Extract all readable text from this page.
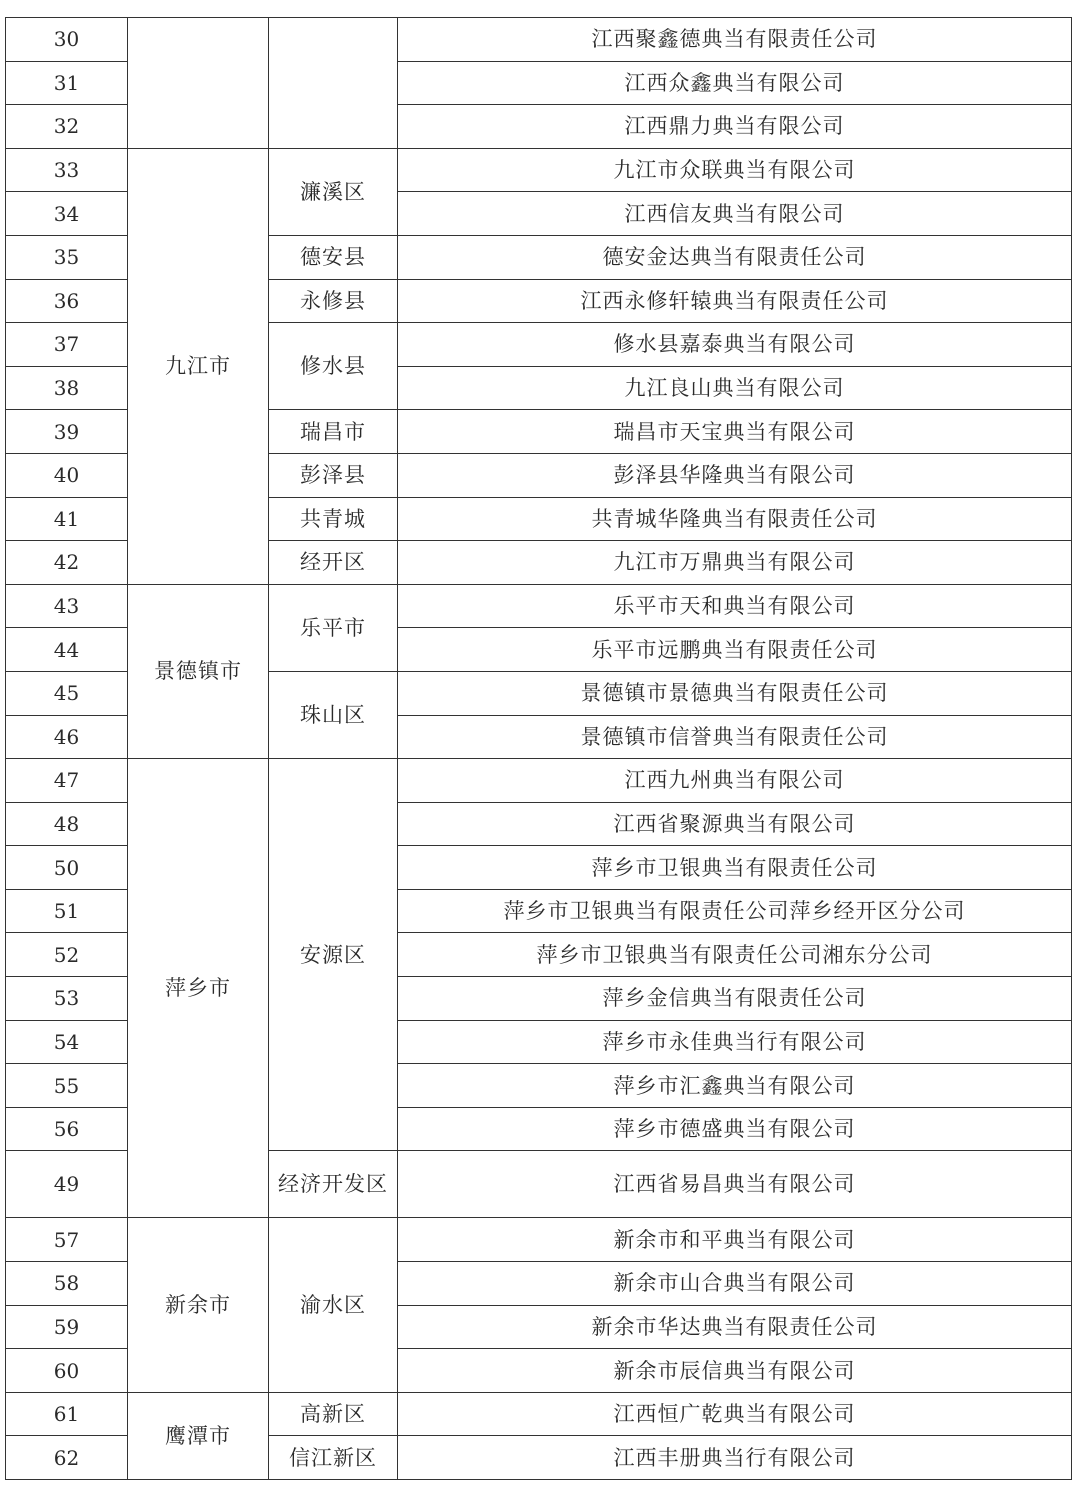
30			江西聚鑫德典当有限责任公司
31			江西众鑫典当有限公司
32			江西鼎力典当有限公司
33	九江市	濂溪区	九江市众联典当有限公司
34			江西信友典当有限公司
35		德安县	德安金达典当有限责任公司
36		永修县	江西永修轩辕典当有限责任公司
37		修水县	修水县嘉泰典当有限公司
38			九江良山典当有限公司
39		瑞昌市	瑞昌市天宝典当有限公司
40		彭泽县	彭泽县华隆典当有限公司
41		共青城	共青城华隆典当有限责任公司
42		经开区	九江市万鼎典当有限公司
43	景德镇市	乐平市	乐平市天和典当有限公司
44			乐平市远鹏典当有限责任公司
45		珠山区	景德镇市景德典当有限责任公司
46			景德镇市信誉典当有限责任公司
47	萍乡市	安源区	江西九州典当有限公司
48			江西省聚源典当有限公司
50			萍乡市卫银典当有限责任公司
51			萍乡市卫银典当有限责任公司萍乡经开区分公司
52			萍乡市卫银典当有限责任公司湘东分公司
53			萍乡金信典当有限责任公司
54			萍乡市永佳典当行有限公司
55			萍乡市汇鑫典当有限公司
56			萍乡市德盛典当有限公司
49		经济开发区	江西省易昌典当有限公司
57	新余市	渝水区	新余市和平典当有限公司
58			新余市山合典当有限公司
59			新余市华达典当有限责任公司
60			新余市辰信典当有限公司
61	鹰潭市	高新区	江西恒广乾典当有限公司
62		信江新区	江西丰册典当行有限公司
